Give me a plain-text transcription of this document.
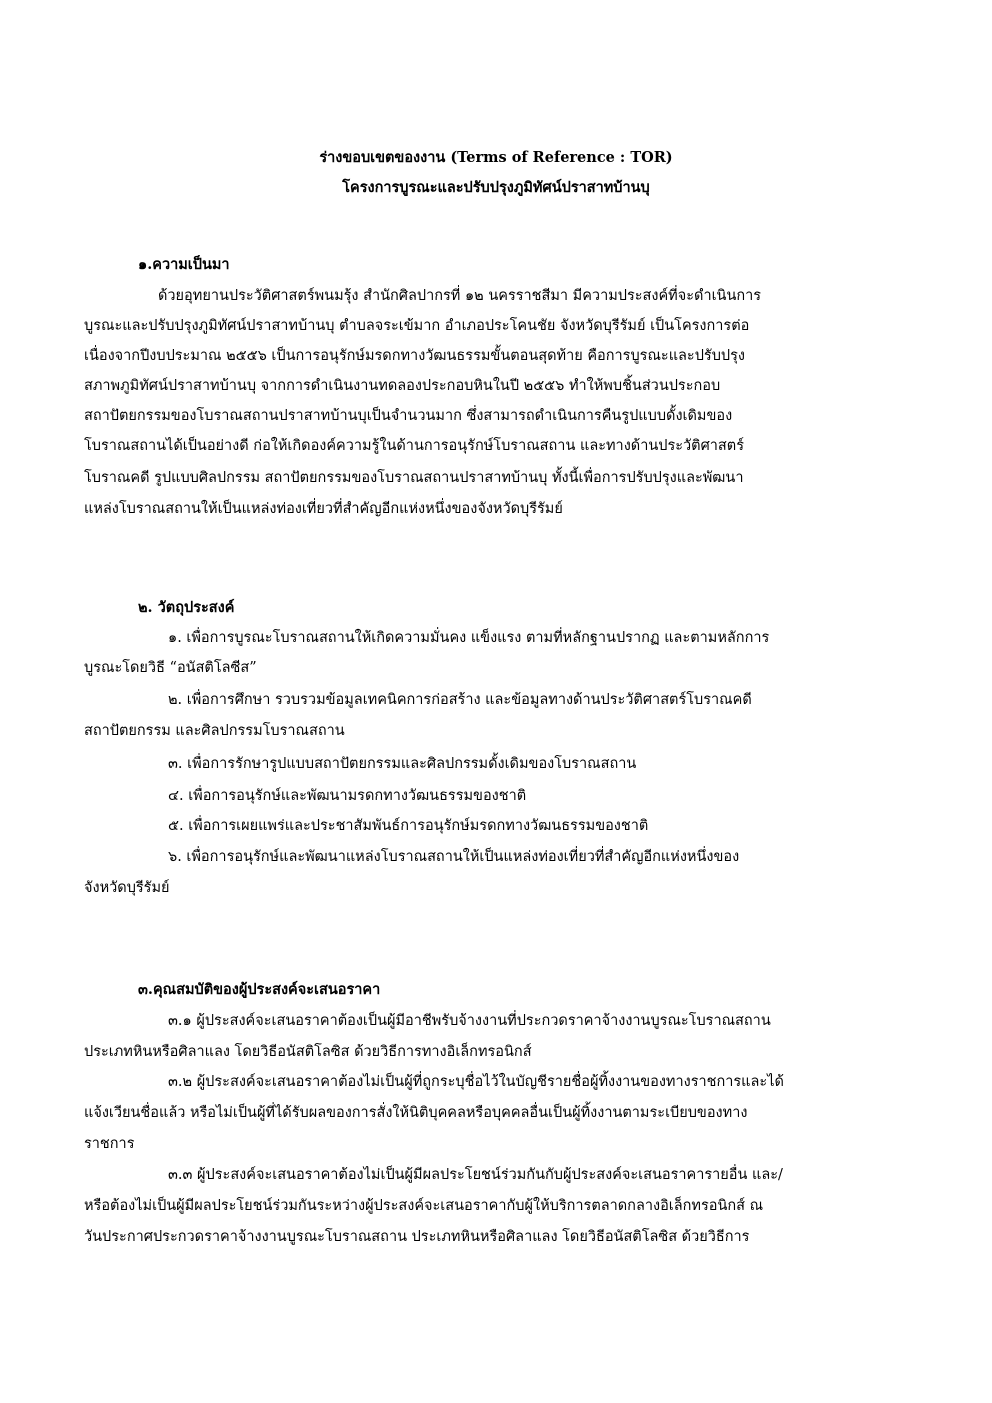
ร่างขอบเขตของงาน (Terms of Reference : TOR)
โครงการบูรณะและปรับปรุงภูมิทัศน์ปราสาทบ้านบุ
๑.ความเป็นมา
ด้วยอุทยานประวัติศาสตร์พนมรุ้ง สำนักศิลปากรที่ ๑๒ นครราชสีมา มีความประสงค์ที่จะดำเนินการ
บูรณะและปรับปรุงภูมิทัศน์ปราสาทบ้านบุ ตำบลจระเข้มาก อำเภอประโคนชัย จังหวัดบุรีรัมย์ เป็นโครงการต่อ
เนื่องจากปีงบประมาณ ๒๕๕๖ เป็นการอนุรักษ์มรดกทางวัฒนธรรมขั้นตอนสุดท้าย คือการบูรณะและปรับปรุง
สภาพภูมิทัศน์ปราสาทบ้านบุ จากการดำเนินงานทดลองประกอบหินในปี ๒๕๕๖ ทำให้พบชิ้นส่วนประกอบ
สถาปัตยกรรมของโบราณสถานปราสาทบ้านบุเป็นจำนวนมาก ซึ่งสามารถดำเนินการคืนรูปแบบดั้งเดิมของ
โบราณสถานได้เป็นอย่างดี ก่อให้เกิดองค์ความรู้ในด้านการอนุรักษ์โบราณสถาน และทางด้านประวัติศาสตร์
โบราณคดี รูปแบบศิลปกรรม สถาปัตยกรรมของโบราณสถานปราสาทบ้านบุ ทั้งนี้เพื่อการปรับปรุงและพัฒนา
แหล่งโบราณสถานให้เป็นแหล่งท่องเที่ยวที่สำคัญอีกแห่งหนึ่งของจังหวัดบุรีรัมย์
๒. วัตถุประสงค์
๑. เพื่อการบูรณะโบราณสถานให้เกิดความมั่นคง แข็งแรง ตามที่หลักฐานปรากฏ และตามหลักการ
บูรณะโดยวิธี “อนัสติโลซีส”
๒. เพื่อการศึกษา รวบรวมข้อมูลเทคนิคการก่อสร้าง และข้อมูลทางด้านประวัติศาสตร์โบราณคดี
สถาปัตยกรรม และศิลปกรรมโบราณสถาน
๓. เพื่อการรักษารูปแบบสถาปัตยกรรมและศิลปกรรมดั้งเดิมของโบราณสถาน
๔. เพื่อการอนุรักษ์และพัฒนามรดกทางวัฒนธรรมของชาติ
๕. เพื่อการเผยแพร่และประชาสัมพันธ์การอนุรักษ์มรดกทางวัฒนธรรมของชาติ
๖. เพื่อการอนุรักษ์และพัฒนาแหล่งโบราณสถานให้เป็นแหล่งท่องเที่ยวที่สำคัญอีกแห่งหนึ่งของ
จังหวัดบุรีรัมย์
๓.คุณสมบัติของผู้ประสงค์จะเสนอราคา
๓.๑ ผู้ประสงค์จะเสนอราคาต้องเป็นผู้มีอาชีพรับจ้างงานที่ประกวดราคาจ้างงานบูรณะโบราณสถาน
ประเภทหินหรือศิลาแลง โดยวิธีอนัสติโลซิส ด้วยวิธีการทางอิเล็กทรอนิกส์
๓.๒ ผู้ประสงค์จะเสนอราคาต้องไม่เป็นผู้ที่ถูกระบุชื่อไว้ในบัญชีรายชื่อผู้ทิ้งงานของทางราชการและได้
แจ้งเวียนชื่อแล้ว หรือไม่เป็นผู้ที่ได้รับผลของการสั่งให้นิติบุคคลหรือบุคคลอื่นเป็นผู้ทิ้งงานตามระเบียบของทาง
ราชการ
๓.๓ ผู้ประสงค์จะเสนอราคาต้องไม่เป็นผู้มีผลประโยชน์ร่วมกันกับผู้ประสงค์จะเสนอราคารายอื่น และ/
หรือต้องไม่เป็นผู้มีผลประโยชน์ร่วมกันระหว่างผู้ประสงค์จะเสนอราคากับผู้ให้บริการตลาดกลางอิเล็กทรอนิกส์ ณ
วันประกาศประกวดราคาจ้างงานบูรณะโบราณสถาน ประเภทหินหรือศิลาแลง โดยวิธีอนัสติโลซิส ด้วยวิธีการ
